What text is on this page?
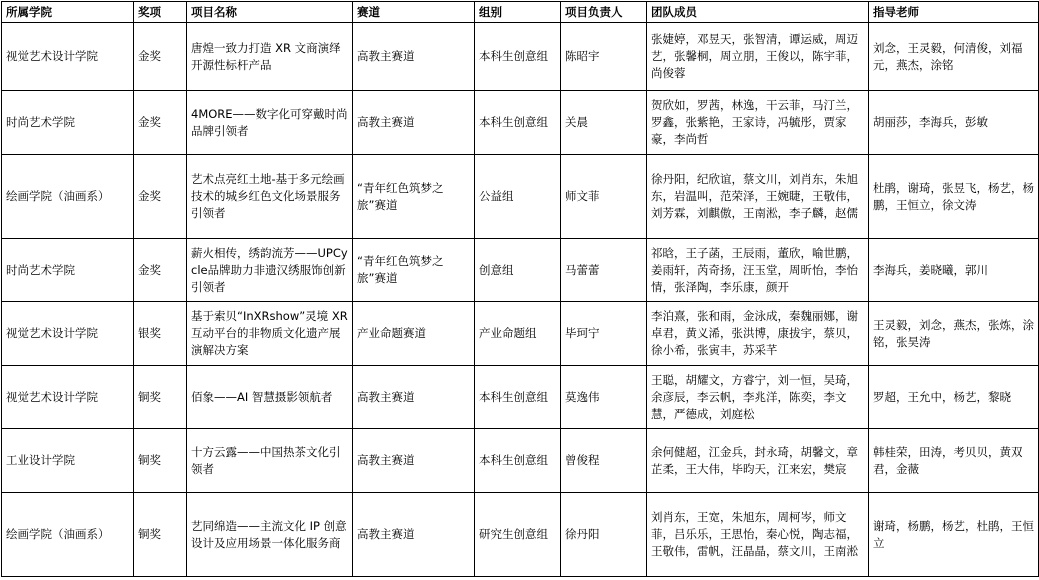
所属学院	奖项	项目名称	赛道	组别	项目负责人	团队成员	指导老师
视觉艺术设计学院	金奖	唐煌一致力打造 XR 文商演绎开源性标杆产品	高教主赛道	本科生创意组	陈昭宇	张婕婷，邓昱天，张智清，谭运威，周迈艺，张馨桐，周立朋，王俊以，陈宇菲，尚俊蓉	刘念，王灵毅，何清俊，刘福元，燕杰，涂铭
时尚艺术学院	金奖	4MORE——数字化可穿戴时尚品牌引领者	高教主赛道	本科生创意组	关晨	贺欣如，罗茜，林逸，干云菲，马汀兰，罗鑫，张紫艳，王家诗，冯毓彤，贾家豪，李尚哲	胡丽莎，李海兵，彭敏
绘画学院（油画系）	金奖	艺术点亮红土地-基于多元绘画技术的城乡红色文化场景服务引领者	“青年红色筑梦之旅”赛道	公益组	师文菲	徐丹阳，纪欣谊，蔡文川，刘肖东，朱旭东，岩温叫，范荣泽，王婉睫，王敬伟，刘芳霖，刘麒傲，王南淞，李子麟，赵儒	杜鹃，谢琦，张昱飞，杨艺，杨鹏，王恒立，徐文涛
时尚艺术学院	金奖	薪火相传，绣韵流芳——UPCycle品牌助力非遗汉绣服饰创新引领者	“青年红色筑梦之旅”赛道	创意组	马蕾蕾	祁晗，王子菡，王辰雨，董欣，喻世鹏，姜雨轩，芮奇扬，汪玉堂，周昕怡，李怡情，张泽陶，李乐康，颜开	李海兵，姜晓曦，郭川
视觉艺术设计学院	银奖	基于索贝“InXRshow”灵境 XR 互动平台的非物质文化遗产展演解决方案	产业命题赛道	产业命题组	毕珂宁	李泊熹，张和雨，金泳成，秦魏丽娜，谢卓君，黄义浠，张洪博，康拔宇，蔡贝，徐小希，张寅丰，苏采芊	王灵毅，刘念，燕杰，张炼，涂铭，张昊涛
视觉艺术设计学院	铜奖	佰象——AI 智慧摄影领航者	高教主赛道	本科生创意组	莫逸伟	王聪，胡耀文，方睿宁，刘一恒，吴琦，余彦辰，李云帆，李兆洋，陈奕，李文慧，严德成，刘庭松	罗超，王允中，杨艺，黎晓
工业设计学院	铜奖	十方云露——中国热茶文化引领者	高教主赛道	本科生创意组	曾俊程	余何健超，江金兵，封永琦，胡馨文，章芷柔，王大伟，毕昀天，江来宏，樊宸	韩桂荣，田涛，考贝贝，黄双君，金薇
绘画学院（油画系）	铜奖	艺同绵造——主流文化 IP 创意设计及应用场景一体化服务商	高教主赛道	研究生创意组	徐丹阳	刘肖东，王宽，朱旭东，周柯岑，师文菲，吕乐乐，王思怡，秦心悦，陶志福，王敬伟，雷帆，汪晶晶，蔡文川，王南淞	谢琦，杨鹏，杨艺，杜鹃，王恒立
